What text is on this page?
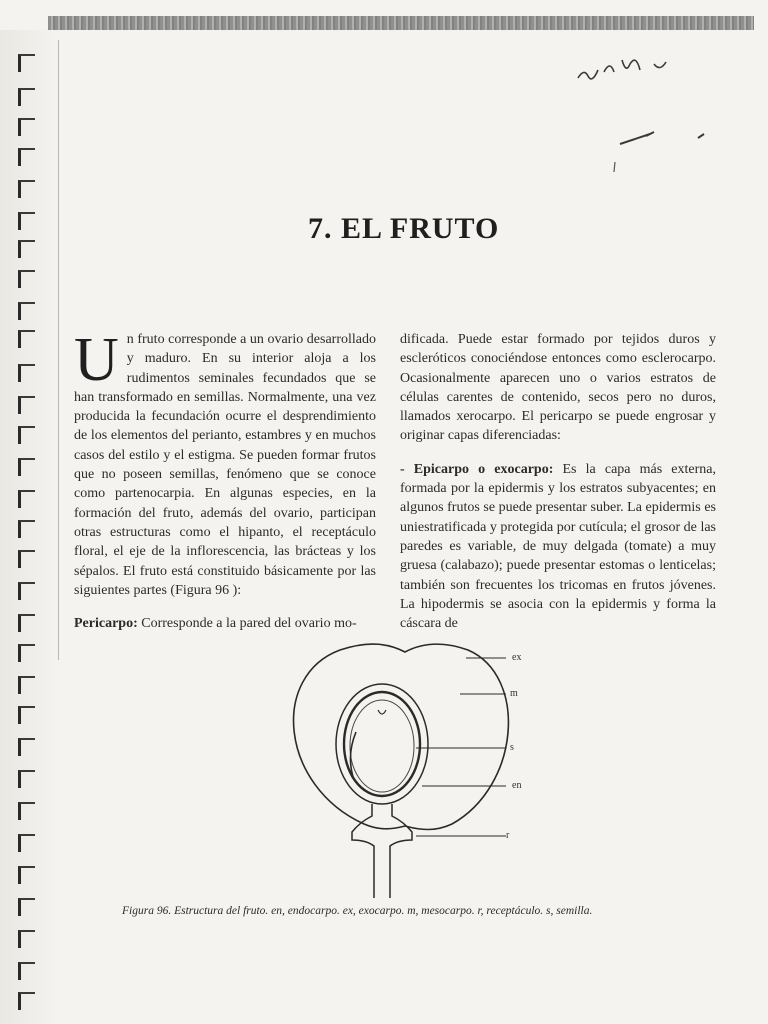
7. EL FRUTO

Un fruto corresponde a un ovario desarrollado y maduro. En su interior aloja a los rudimentos seminales fecundados que se han transformado en semillas. Normalmente, una vez producida la fecundación ocurre el desprendimiento de los elementos del perianto, estambres y en muchos casos del estilo y el estigma. Se pueden formar frutos que no poseen semillas, fenómeno que se conoce como partenocarpia. En algunas especies, en la formación del fruto, además del ovario, participan otras estructuras como el hipanto, el receptáculo floral, el eje de la inflorescencia, las brácteas y los sépalos. El fruto está constituido básicamente por las siguientes partes (Figura 96 ):

Pericarpo: Corresponde a la pared del ovario mo-

dificada. Puede estar formado por tejidos duros y escleróticos conociéndose entonces como esclerocarpo. Ocasionalmente aparecen uno o varios estratos de células carentes de contenido, secos pero no duros, llamados xerocarpo. El pericarpo se puede engrosar y originar capas diferenciadas:

- Epicarpo o exocarpo: Es la capa más externa, formada por la epidermis y los estratos subyacentes; en algunos frutos se puede presentar suber. La epidermis es uniestratificada y protegida por cutícula; el grosor de las paredes es variable, de muy delgada (tomate) a muy gruesa (calabazo); puede presentar estomas o lenticelas; también son frecuentes los tricomas en frutos jóvenes. La hipodermis se asocia con la epidermis y forma la cáscara de

ex
m
s
en
r

Figura 96. Estructura del fruto. en, endocarpo. ex, exocarpo. m, mesocarpo. r, receptáculo. s, semilla.
